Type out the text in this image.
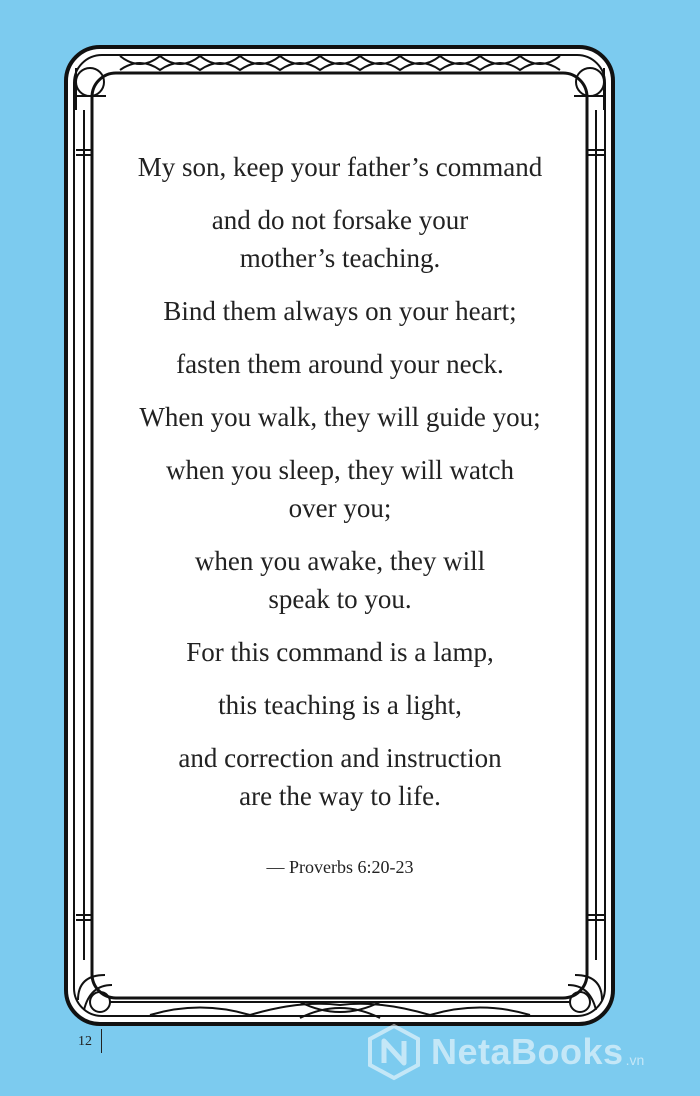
My son, keep your father’s command
and do not forsake your
mother’s teaching.
Bind them always on your heart;
fasten them around your neck.
When you walk, they will guide you;
when you sleep, they will watch
over you;
when you awake, they will
speak to you.
For this command is a lamp,
this teaching is a light,
and correction and instruction
are the way to life.
— Proverbs 6:20-23
12	NetaBooks .vn
